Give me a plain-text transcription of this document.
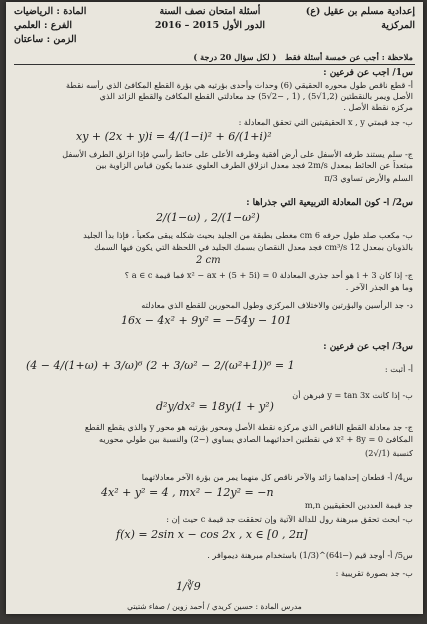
إعدادية مسلم بن عقيل (ع)
المركزية
أسئلة امتحان نصف السنة
الدور الأول 2015 – 2016
المادة : الرياضيات
الفرع : العلمي
الزمن : ساعتان
ملاحظة : أجب عن خمسة أسئلة فقط   ( لكل سؤال 20 درجة )
س1/ أجب عن فرعين :
أ- قطع ناقص طول محوره الحقيقي (6) وحدات وأحدى بؤرتيه هي بؤرة القطع المكافئ الذي رأسه نقطة
الأصل ويمر بالنقطتين (1,2√5) , (1 , −2√5) جد معادلتي القطع المكافئ والقطع الزائد الذي
مركزه نقطة الأصل .
ب- جد قيمتي x , y الحقيقيتين التي تحقق المعادلة :
xy + (2x + y)i = 4/(1−i)² + 6/(1+i)²
ج- سلم يستند طرفه الأسفل على أرض أفقية وطرفه الأعلى على حائط رأسي فإذا انزلق الطرف الأسفل
مبتعداً عن الحائط بمعدل 2m/s فجد معدل انزلاق الطرف العلوي عندما يكون قياس الزاوية بين
السلم والأرض تساوي π/3
س2/ أ- كون المعادلة التربيعية التي جذراها :
2/(1−ω) , 2/(1−ω²)
ب- مكعب صلد طول حرفه 6 cm مغطى بطبقة من الجليد بحيث شكله يبقى مكعباً ، فإذا بدأ الجليد
بالذوبان بمعدل 12 cm³/s فجد معدل النقصان بسمك الجليد في اللحظة التي يكون فيها السمك
2 cm
ج- إذا كان 3 + i هو أحد جذري المعادلة x² − ax + (5 + 5i) = 0 فما قيمة a ∈ c ؟
وما هو الجذر الآخر .
د- جد الرأسين والبؤرتين والاختلاف المركزي وطول المحورين للقطع الذي معادلته
16x − 4x² + 9y² = −54y − 101
س3/ أجب عن فرعين :
أ- أثبت :
(4 − 4/(1+ω) + 3/ω)⁶ (2 + 3/ω² − 2/(ω²+1))⁶ = 1
ب- إذا كانت y = tan 3x فبرهن أن
d²y/dx² = 18y(1 + y²)
ج- جد معادلة القطع الناقص الذي مركزه نقطة الأصل ومحور بؤرتيه هو محور y والذي يقطع القطع
المكافئ x² + 8y = 0 في نقطتين احداثيهما الصادي يساوي (−2) والنسبة بين طولي محوريه
كنسبة (1/√2)
س4/ أ- قطعان إحداهما زائد والآخر ناقص كل منهما يمر من بؤرة الآخر معادلاتهما
4x² + y² = 4 , mx² − 12y² = −n
جد قيمة العددين الحقيقيين m,n
ب- ابحث تحقق مبرهنة رول للدالة الآتية وإن تحققت جد قيمة c حيث إن :
f(x) = 2sin x − cos 2x , x ∈ [0 , 2π]
س5/ أ- أوجد قيم (−64i)^(1/3) باستخدام مبرهنة ديموافر .
ب- جد بصورة تقريبية :
1/∛9
مدرس المادة : حسين كريدي / أحمد زوين / صفاء شتيتي
